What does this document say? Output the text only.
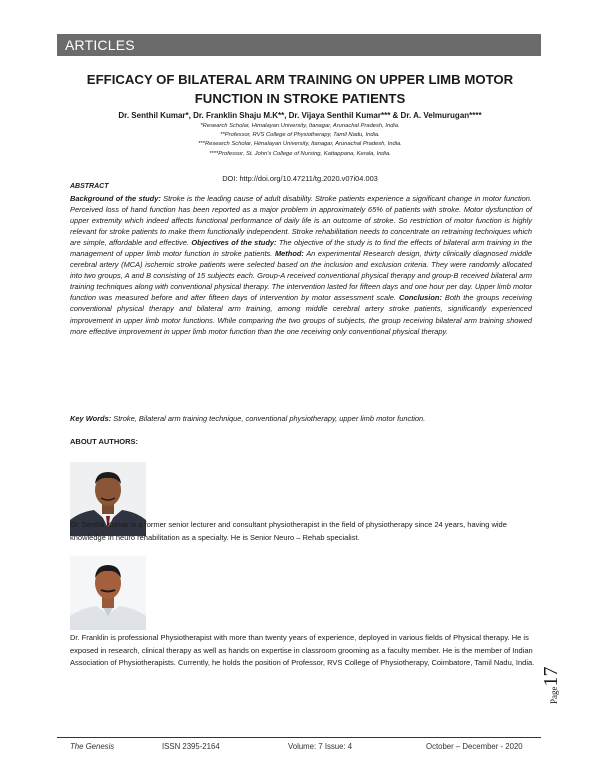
ARTICLES
EFFICACY OF BILATERAL ARM TRAINING ON UPPER LIMB MOTOR
FUNCTION IN STROKE PATIENTS
Dr. Senthil Kumar*, Dr. Franklin Shaju M.K**, Dr. Vijaya Senthil Kumar*** & Dr. A. Velmurugan****
*Research Scholar, Himalayan University, Itanagar, Arunachal Pradesh, India.
**Professor, RVS College of Physiotherapy, Tamil Nadu, India.
***Research Scholar, Himalayan University, Itanagar, Arunachal Pradesh, India.
****Professor, St. John's College of Nursing, Kattappana, Kerala, India.
DOI: http://doi.org/10.47211/tg.2020.v07i04.003
ABSTRACT
Background of the study: Stroke is the leading cause of adult disability. Stroke patients experience a significant change in motor function. Perceived loss of hand function has been reported as a major problem in approximately 65% of patients with stroke. Motor dysfunction of upper extremity which indeed affects functional performance of daily life is an outcome of stroke. So restriction of motor function is highly relevant for stroke patients to make them functionally independent. Stroke rehabilitation needs to concentrate on retraining techniques which are simple, affordable and effective. Objectives of the study: The objective of the study is to find the effects of bilateral arm training in the management of upper limb motor function in stroke patients. Method: An experimental Research design, thirty clinically diagnosed middle cerebral artery (MCA) ischemic stroke patients were selected based on the inclusion and exclusion criteria. They were randomly allocated into two groups, A and B consisting of 15 subjects each. Group-A received conventional physical therapy and group-B received bilateral arm training techniques along with conventional physical therapy. The intervention lasted for fifteen days and one hour per day. Upper limb motor function was measured before and after fifteen days of intervention by motor assessment scale. Conclusion: Both the groups receiving conventional physical therapy and bilateral arm training, among middle cerebral artery stroke patients, significantly experienced improvement in upper limb motor functions. While comparing the two groups of subjects, the group receiving bilateral arm training showed more effective improvement in upper limb motor function than the one receiving only conventional physical therapy.
Key Words: Stroke, Bilateral arm training technique, conventional physiotherapy, upper limb motor function.
ABOUT AUTHORS:
Dr. Senthil Kumar is a former senior lecturer and consultant physiotherapist in the field of physiotherapy since 24 years, having wide knowledge in neuro rehabilitation as a specialty. He is Senior Neuro – Rehab specialist.
Dr. Franklin is professional Physiotherapist with more than twenty years of experience, deployed in various fields of Physical therapy. He is exposed in research, clinical therapy as well as hands on expertise in classroom grooming as a faculty member. He is the member of Indian Association of Physiotherapists. Currently, he holds the position of Professor, RVS College of Physiotherapy, Coimbatore, Tamil Nadu, India.
Page17
The Genesis	ISSN 2395-2164	Volume: 7 Issue: 4	October – December - 2020
